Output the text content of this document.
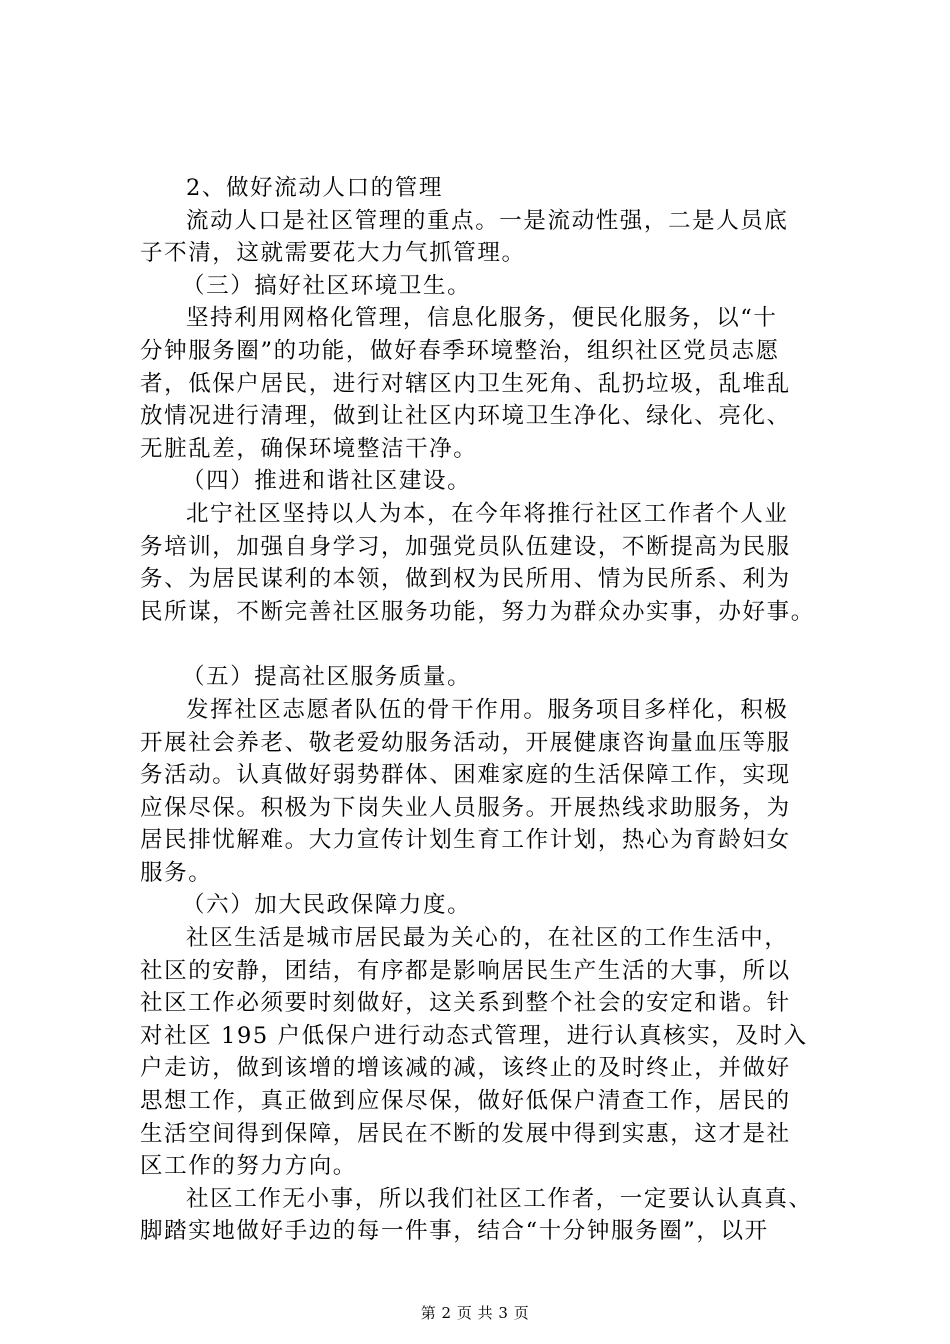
2、做好流动人口的管理
流动人口是社区管理的重点。一是流动性强，二是人员底
子不清，这就需要花大力气抓管理。
（三）搞好社区环境卫生。
坚持利用网格化管理，信息化服务，便民化服务，以“十
分钟服务圈”的功能，做好春季环境整治，组织社区党员志愿
者，低保户居民，进行对辖区内卫生死角、乱扔垃圾，乱堆乱
放情况进行清理，做到让社区内环境卫生净化、绿化、亮化、
无脏乱差，确保环境整洁干净。
（四）推进和谐社区建设。
北宁社区坚持以人为本，在今年将推行社区工作者个人业
务培训，加强自身学习，加强党员队伍建设，不断提高为民服
务、为居民谋利的本领，做到权为民所用、情为民所系、利为
民所谋，不断完善社区服务功能，努力为群众办实事，办好事。
（五）提高社区服务质量。
发挥社区志愿者队伍的骨干作用。服务项目多样化，积极
开展社会养老、敬老爱幼服务活动，开展健康咨询量血压等服
务活动。认真做好弱势群体、困难家庭的生活保障工作，实现
应保尽保。积极为下岗失业人员服务。开展热线求助服务，为
居民排忧解难。大力宣传计划生育工作计划，热心为育龄妇女
服务。
（六）加大民政保障力度。
社区生活是城市居民最为关心的，在社区的工作生活中，
社区的安静，团结，有序都是影响居民生产生活的大事，所以
社区工作必须要时刻做好，这关系到整个社会的安定和谐。针
对社区 195 户低保户进行动态式管理，进行认真核实，及时入
户走访，做到该增的增该减的减，该终止的及时终止，并做好
思想工作，真正做到应保尽保，做好低保户清查工作，居民的
生活空间得到保障，居民在不断的发展中得到实惠，这才是社
区工作的努力方向。
社区工作无小事，所以我们社区工作者，一定要认认真真、
脚踏实地做好手边的每一件事，结合“十分钟服务圈”，以开
第 2 页 共 3 页
